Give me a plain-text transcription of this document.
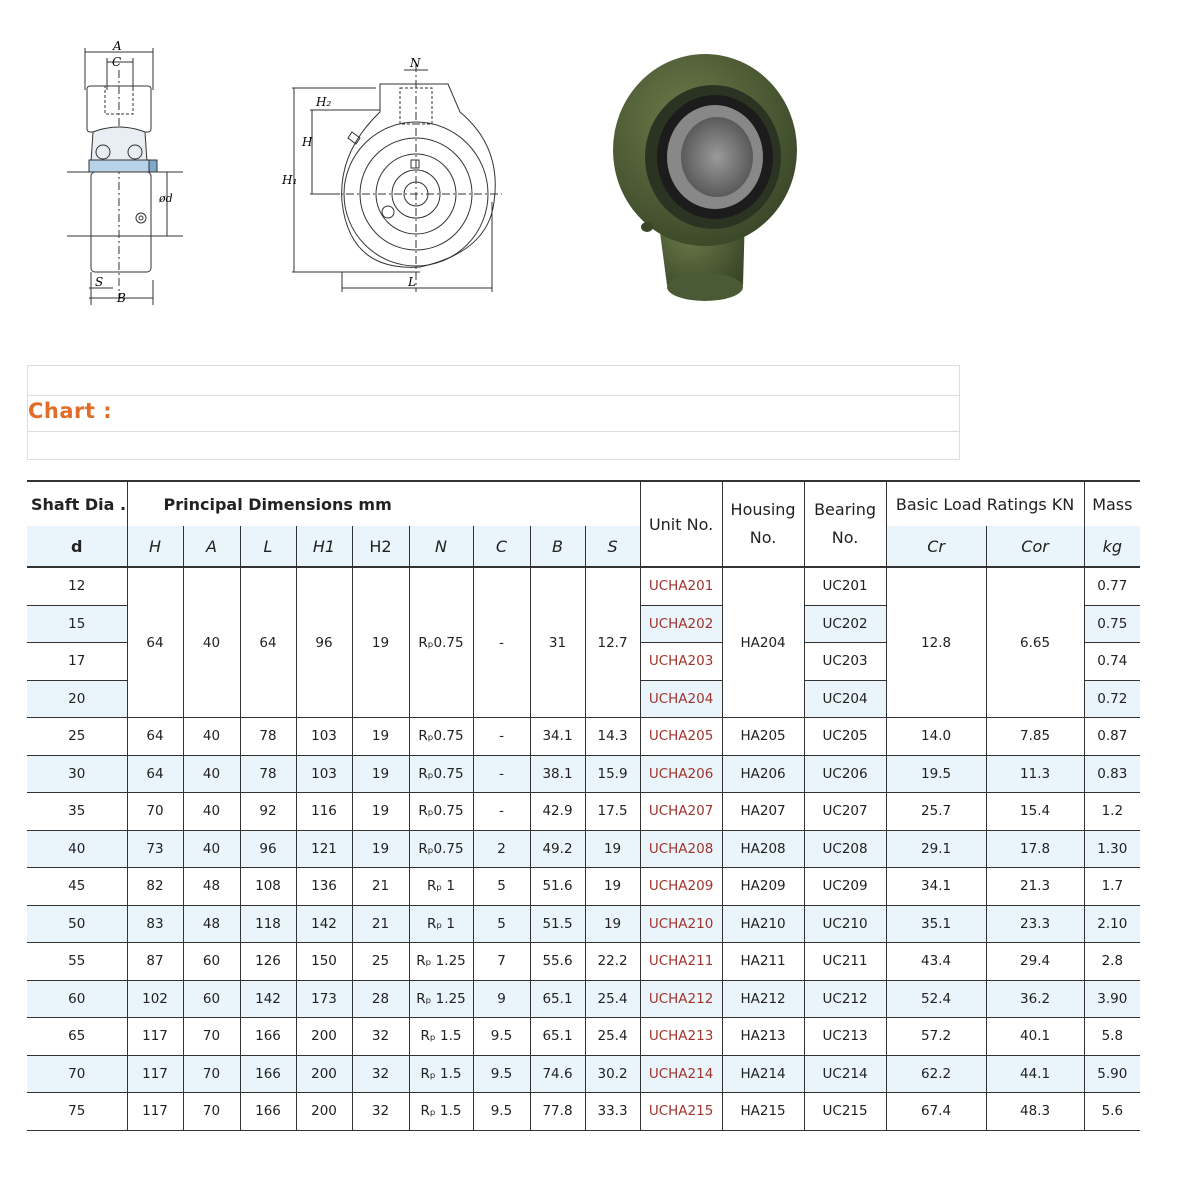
A
C
ød
S
B
N
H₂
H
H₁
L
Chart :
Shaft Dia .	Principal Dimensions mm									Unit No.	Housing No.	Bearing No.	Basic Load Ratings KN		Mass
d	H	A	L	H1	H2	N	C	B	S				Cr	Cor	kg
12	64	40	64	96	19	Rₚ0.75	-	31	12.7	UCHA201	HA204	UC201	12.8	6.65	0.77
15										UCHA202		UC202			0.75
17										UCHA203		UC203			0.74
20										UCHA204		UC204			0.72
25	64	40	78	103	19	Rₚ0.75	-	34.1	14.3	UCHA205	HA205	UC205	14.0	7.85	0.87
30	64	40	78	103	19	Rₚ0.75	-	38.1	15.9	UCHA206	HA206	UC206	19.5	11.3	0.83
35	70	40	92	116	19	Rₚ0.75	-	42.9	17.5	UCHA207	HA207	UC207	25.7	15.4	1.2
40	73	40	96	121	19	Rₚ0.75	2	49.2	19	UCHA208	HA208	UC208	29.1	17.8	1.30
45	82	48	108	136	21	Rₚ 1	5	51.6	19	UCHA209	HA209	UC209	34.1	21.3	1.7
50	83	48	118	142	21	Rₚ 1	5	51.5	19	UCHA210	HA210	UC210	35.1	23.3	2.10
55	87	60	126	150	25	Rₚ 1.25	7	55.6	22.2	UCHA211	HA211	UC211	43.4	29.4	2.8
60	102	60	142	173	28	Rₚ 1.25	9	65.1	25.4	UCHA212	HA212	UC212	52.4	36.2	3.90
65	117	70	166	200	32	Rₚ 1.5	9.5	65.1	25.4	UCHA213	HA213	UC213	57.2	40.1	5.8
70	117	70	166	200	32	Rₚ 1.5	9.5	74.6	30.2	UCHA214	HA214	UC214	62.2	44.1	5.90
75	117	70	166	200	32	Rₚ 1.5	9.5	77.8	33.3	UCHA215	HA215	UC215	67.4	48.3	5.6
